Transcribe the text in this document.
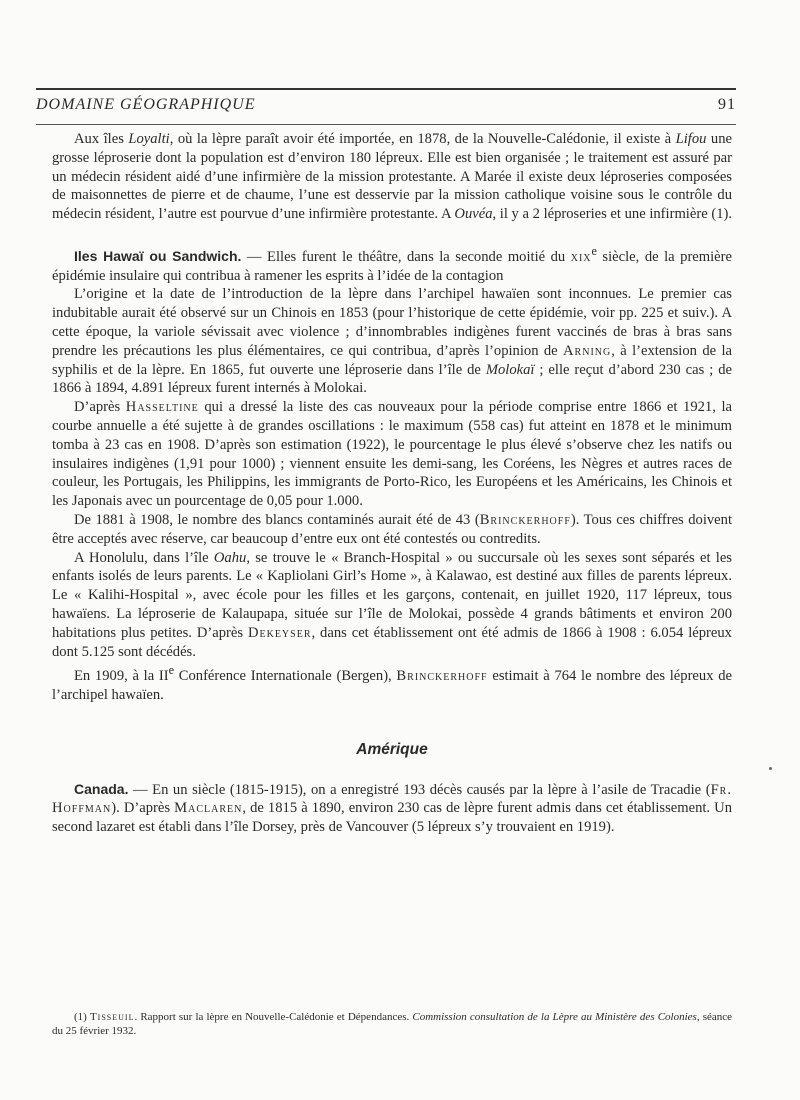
DOMAINE GÉOGRAPHIQUE	91

Aux îles Loyalti, où la lèpre paraît avoir été importée, en 1878, de la Nouvelle-Calédonie, il existe à Lifou une grosse léproserie dont la population est d’environ 180 lépreux. Elle est bien organisée ; le traitement est assuré par un médecin résident aidé d’une infirmière de la mission protestante. A Marée il existe deux léproseries composées de maisonnettes de pierre et de chaume, l’une est desservie par la mission catholique voisine sous le contrôle du médecin résident, l’autre est pourvue d’une infirmière protestante. A Ouvéa, il y a 2 léproseries et une infirmière (1).

Iles Hawaï ou Sandwich. — Elles furent le théâtre, dans la seconde moitié du xix$^e$ siècle, de la première épidémie insulaire qui contribua à ramener les esprits à l’idée de la contagion

L’origine et la date de l’introduction de la lèpre dans l’archipel hawaïen sont inconnues. Le premier cas indubitable aurait été observé sur un Chinois en 1853 (pour l’historique de cette épidémie, voir pp. 225 et suiv.). A cette époque, la variole sévissait avec violence ; d’innombrables indigènes furent vaccinés de bras à bras sans prendre les précautions les plus élémentaires, ce qui contribua, d’après l’opinion de Arning, à l’extension de la syphilis et de la lèpre. En 1865, fut ouverte une léproserie dans l’île de Molokaï ; elle reçut d’abord 230 cas ; de 1866 à 1894, 4.891 lépreux furent internés à Molokai.

D’après Hasseltine qui a dressé la liste des cas nouveaux pour la période comprise entre 1866 et 1921, la courbe annuelle a été sujette à de grandes oscillations : le maximum (558 cas) fut atteint en 1878 et le minimum tomba à 23 cas en 1908. D’après son estimation (1922), le pourcentage le plus élevé s’observe chez les natifs ou insulaires indigènes (1,91 pour 1000) ; viennent ensuite les demi-sang, les Coréens, les Nègres et autres races de couleur, les Portugais, les Philippins, les immigrants de Porto-Rico, les Européens et les Américains, les Chinois et les Japonais avec un pourcentage de 0,05 pour 1.000.

De 1881 à 1908, le nombre des blancs contaminés aurait été de 43 (Brinckerhoff). Tous ces chiffres doivent être acceptés avec réserve, car beaucoup d’entre eux ont été contestés ou contredits.

A Honolulu, dans l’île Oahu, se trouve le « Branch-Hospital » ou succursale où les sexes sont séparés et les enfants isolés de leurs parents. Le « Kapliolani Girl’s Home », à Kalawao, est destiné aux filles de parents lépreux. Le « Kalihi-Hospital », avec école pour les filles et les garçons, contenait, en juillet 1920, 117 lépreux, tous hawaïens. La léproserie de Kalaupapa, située sur l’île de Molokai, possède 4 grands bâtiments et environ 200 habitations plus petites. D’après Dekeyser, dans cet établissement ont été admis de 1866 à 1908 : 6.054 lépreux dont 5.125 sont décédés.

En 1909, à la IIe Conférence Internationale (Bergen), Brinckerhoff estimait à 764 le nombre des lépreux de l’archipel hawaïen.

Amérique

Canada. — En un siècle (1815-1915), on a enregistré 193 décès causés par la lèpre à l’asile de Tracadie (Fr. Hoffman). D’après Maclaren, de 1815 à 1890, environ 230 cas de lèpre furent admis dans cet établissement. Un second lazaret est établi dans l’île Dorsey, près de Vancouver (5 lépreux s’y trouvaient en 1919).

(1) Tisseuil. Rapport sur la lèpre en Nouvelle-Calédonie et Dépendances. Commission consultation de la Lèpre au Ministère des Colonies, séance du 25 février 1932.
